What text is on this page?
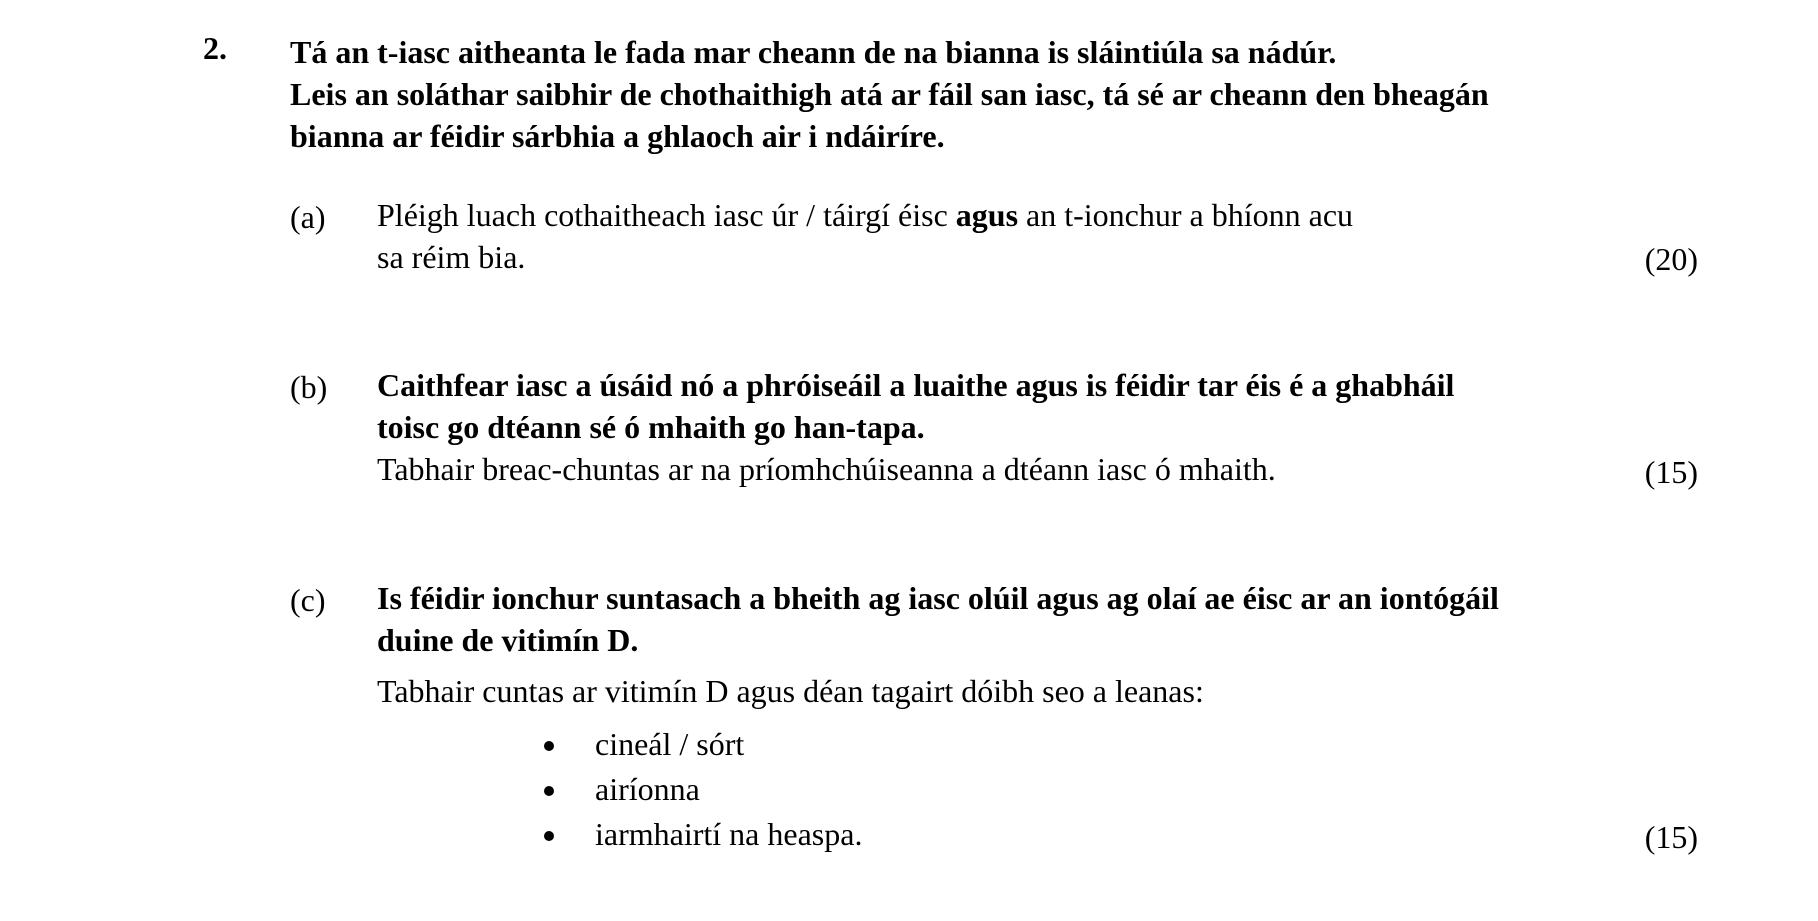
2. Tá an t-iasc aitheanta le fada mar cheann de na bianna is sláintiúla sa nádúr.
Leis an soláthar saibhir de chothaithigh atá ar fáil san iasc, tá sé ar cheann den bheagán
bianna ar féidir sárbhia a ghlaoch air i ndáiríre.
(a) Pléigh luach cothaitheach iasc úr / táirgí éisc agus an t-ionchur a bhíonn acu
sa réim bia.	(20)
(b) Caithfear iasc a úsáid nó a phróiseáil a luaithe agus is féidir tar éis é a ghabháil
toisc go dtéann sé ó mhaith go han-tapa.
Tabhair breac-chuntas ar na príomhchúiseanna a dtéann iasc ó mhaith.	(15)
(c) Is féidir ionchur suntasach a bheith ag iasc olúil agus ag olaí ae éisc ar an iontógáil
duine de vitimín D.
Tabhair cuntas ar vitimín D agus déan tagairt dóibh seo a leanas:
cineál / sórt
airíonna
iarmhairtí na heaspa.	(15)
